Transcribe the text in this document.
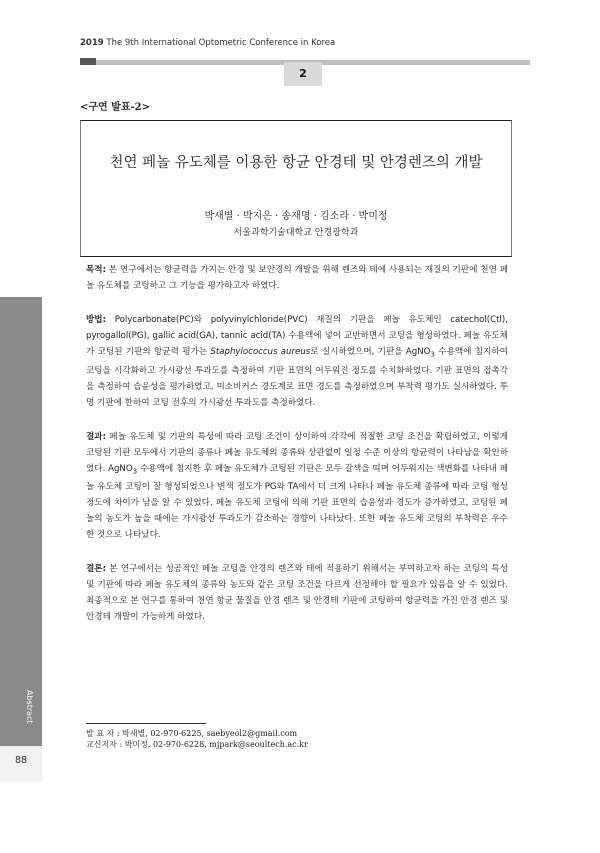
2019 The 9th International Optometric Conference in Korea
2
<구연 발표-2>
천연 페놀 유도체를 이용한 항균 안경테 및 안경렌즈의 개발
박새별 · 박지은 · 송재명 · 김소라 · 박미정
서울과학기술대학교 안경광학과

목적: 본 연구에서는 항균력을 가지는 안경 및 보안경의 개발을 위해 렌즈와 테에 사용되는 재질의 기판에 천연 페놀 유도체를 코팅하고 그 기능을 평가하고자 하였다.

방법: Polycarbonate(PC)와 polyvinylchloride(PVC) 재질의 기판을 페놀 유도체인 catechol(Ctl), pyrogallol(PG), gallic acid(GA), tannic acid(TA) 수용액에 넣어 교반하면서 코팅을 형성하였다. 페놀 유도체가 코팅된 기판의 항균력 평가는 Staphylococcus aureus로 실시하였으며, 기판을 AgNO$_3$ 수용액에 침지하여 코팅을 시각화하고 가시광선 투과도를 측정하여 기판 표면의 어두워진 정도를 수치화하였다. 기판 표면의 접촉각을 측정하여 습윤성을 평가하였고, 미소비커스 경도계로 표면 경도를 측정하였으며 부착력 평가도 실시하였다. 투명 기판에 한하여 코팅 전후의 가시광선 투과도를 측정하였다.

결과: 페놀 유도체 및 기판의 특성에 따라 코팅 조건이 상이하여 각각에 적절한 코팅 조건을 확립하였고, 이렇게 코팅된 기판 모두에서 기판의 종류나 페놀 유도체의 종류와 상관없이 일정 수준 이상의 항균력이 나타남을 확인하였다. AgNO$_3$ 수용액에 침지한 후 페놀 유도체가 코팅된 기판은 모두 갈색을 띠며 어두워지는 색변화를 나타내 페놀 유도체 코팅이 잘 형성되었으나 변색 정도가 PG와 TA에서 더 크게 나타나 페놀 유도체 종류에 따라 코팅 형성 정도에 차이가 남을 알 수 있었다. 페놀 유도체 코팅에 의해 기판 표면의 습윤성과 경도가 증가하였고, 코팅된 페놀의 농도가 높을 때에는 가시광선 투과도가 감소하는 경향이 나타났다. 또한 페놀 유도체 코팅의 부착력은 우수한 것으로 나타났다.

결론: 본 연구에서는 성공적인 페놀 코팅을 안경의 렌즈와 테에 적용하기 위해서는 부여하고자 하는 코팅의 특성 및 기판에 따라 페놀 유도체의 종류와 농도와 같은 코팅 조건을 다르게 선정해야 할 필요가 있음을 알 수 있었다. 최종적으로 본 연구를 통하여 천연 항균 물질을 안경 렌즈 및 안경테 기판에 코팅하여 항균력을 가진 안경 렌즈 및 안경테 개발이 가능하게 하였다.

발 표 자 : 박새별, 02-970-6225, saebyeol2@gmail.com
교신저자 : 박미정, 02-970-6228, mjpark@seoultech.ac.kr
Abstract
88
